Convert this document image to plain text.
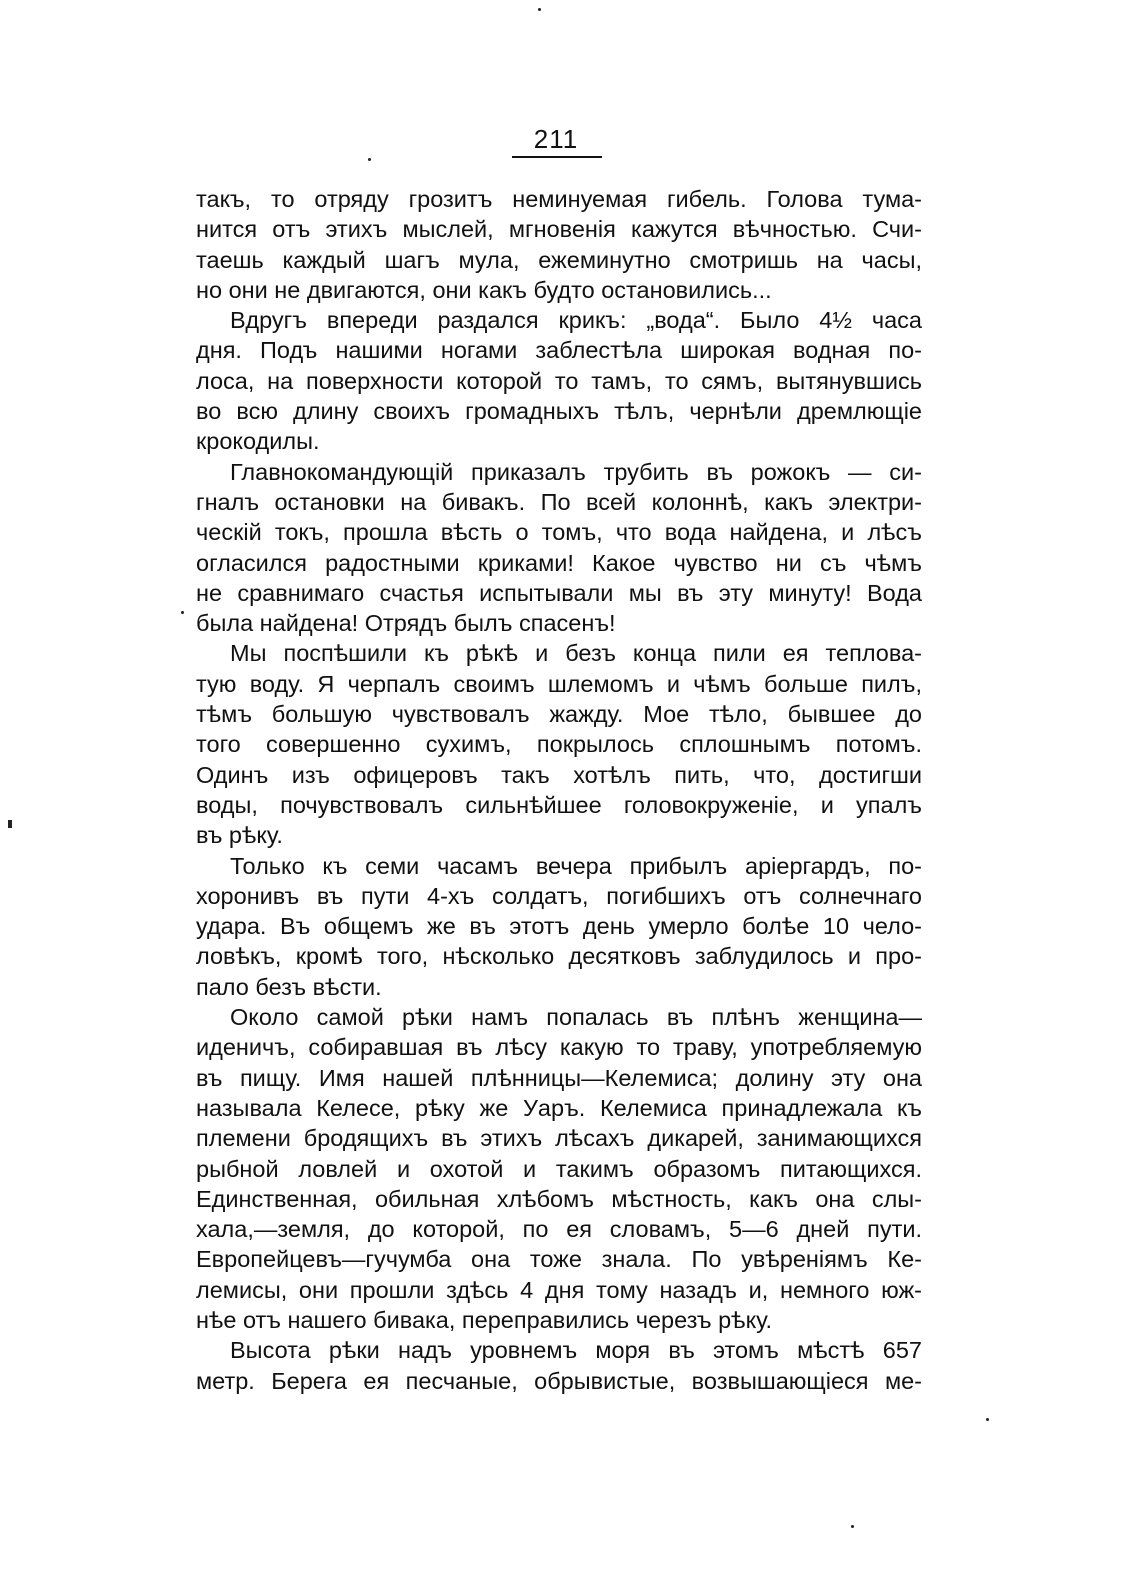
211
такъ, то отряду грозитъ неминуемая гибель. Голова тума-
нится отъ этихъ мыслей, мгновенія кажутся вѣчностью. Счи-
таешь каждый шагъ мула, ежеминутно смотришь на часы,
но они не двигаются, они какъ будто остановились...
Вдругъ впереди раздался крикъ: „вода“. Было 4½ часа
дня. Подъ нашими ногами заблестѣла широкая водная по-
лоса, на поверхности которой то тамъ, то сямъ, вытянувшись
во всю длину своихъ громадныхъ тѣлъ, чернѣли дремлющіе
крокодилы.
Главнокомандующій приказалъ трубить въ рожокъ — си-
гналъ остановки на бивакъ. По всей колоннѣ, какъ электри-
ческій токъ, прошла вѣсть о томъ, что вода найдена, и лѣсъ
огласился радостными криками! Какое чувство ни съ чѣмъ
не сравнимаго счастья испытывали мы въ эту минуту! Вода
была найдена! Отрядъ былъ спасенъ!
Мы поспѣшили къ рѣкѣ и безъ конца пили ея теплова-
тую воду. Я черпалъ своимъ шлемомъ и чѣмъ больше пилъ,
тѣмъ большую чувствовалъ жажду. Мое тѣло, бывшее до
того совершенно сухимъ, покрылось сплошнымъ потомъ.
Одинъ изъ офицеровъ такъ хотѣлъ пить, что, достигши
воды, почувствовалъ сильнѣйшее головокруженіе, и упалъ
въ рѣку.
Только къ семи часамъ вечера прибылъ аріергардъ, по-
хоронивъ въ пути 4-хъ солдатъ, погибшихъ отъ солнечнаго
удара. Въ общемъ же въ этотъ день умерло болѣе 10 чело-
ловѣкъ, кромѣ того, нѣсколько десятковъ заблудилось и про-
пало безъ вѣсти.
Около самой рѣки намъ попалась въ плѣнъ женщина—
иденичъ, собиравшая въ лѣсу какую то траву, употребляемую
въ пищу. Имя нашей плѣнницы—Келемиса; долину эту она
называла Келесе, рѣку же Уаръ. Келемиса принадлежала къ
племени бродящихъ въ этихъ лѣсахъ дикарей, занимающихся
рыбной ловлей и охотой и такимъ образомъ питающихся.
Единственная, обильная хлѣбомъ мѣстность, какъ она слы-
хала,—земля, до которой, по ея словамъ, 5—6 дней пути.
Европейцевъ—гучумба она тоже знала. По увѣреніямъ Ке-
лемисы, они прошли здѣсь 4 дня тому назадъ и, немного юж-
нѣе отъ нашего бивака, переправились черезъ рѣку.
Высота рѣки надъ уровнемъ моря въ этомъ мѣстѣ 657
метр. Берега ея песчаные, обрывистые, возвышающіеся ме-
